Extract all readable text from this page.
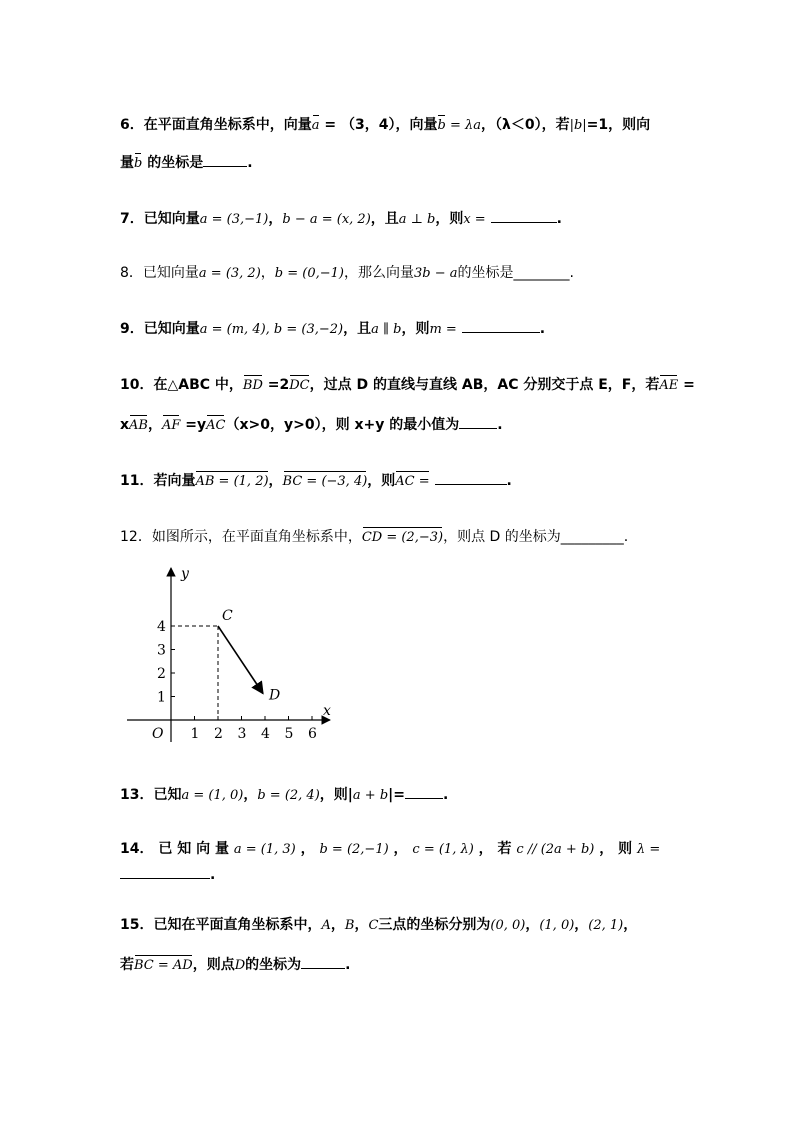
6．在平面直角坐标系中，向量a = （3，4），向量b = λa，（λ＜0），若|b|=1，则向
量b 的坐标是	.
7．已知向量a = (3,−1)，b − a = (x, 2)，且a ⊥ b，则x =	.
8．已知向量a = (3, 2)，b = (0,−1)，那么向量3b − a的坐标是________.
9．已知向量a = (m, 4), b = (3,−2)，且a ∥ b，则m =	.
10．在△ABC 中，BD =2DC，过点 D 的直线与直线 AB，AC 分别交于点 E，F，若AE =
xAB，AF =yAC（x>0，y>0），则 x+y 的最小值为	.
11．若向量AB = (1, 2)，BC = (−3, 4)，则AC =	.
12．如图所示，在平面直角坐标系中，CD = (2,−3)，则点 D 的坐标为_________.
1 2 3 4 5 6
1
2
3
4
x
y
O
C
D
13．已知a = (1, 0)，b = (2, 4)，则|a + b|=	.
14． 已 知 向 量 a = (1, 3) ， b = (2,−1) ， c = (1, λ) ， 若 c // (2a + b) ， 则 λ =
.
15．已知在平面直角坐标系中，A，B，C三点的坐标分别为(0, 0)，(1, 0)，(2, 1)，
若BC = AD，则点D的坐标为	.
